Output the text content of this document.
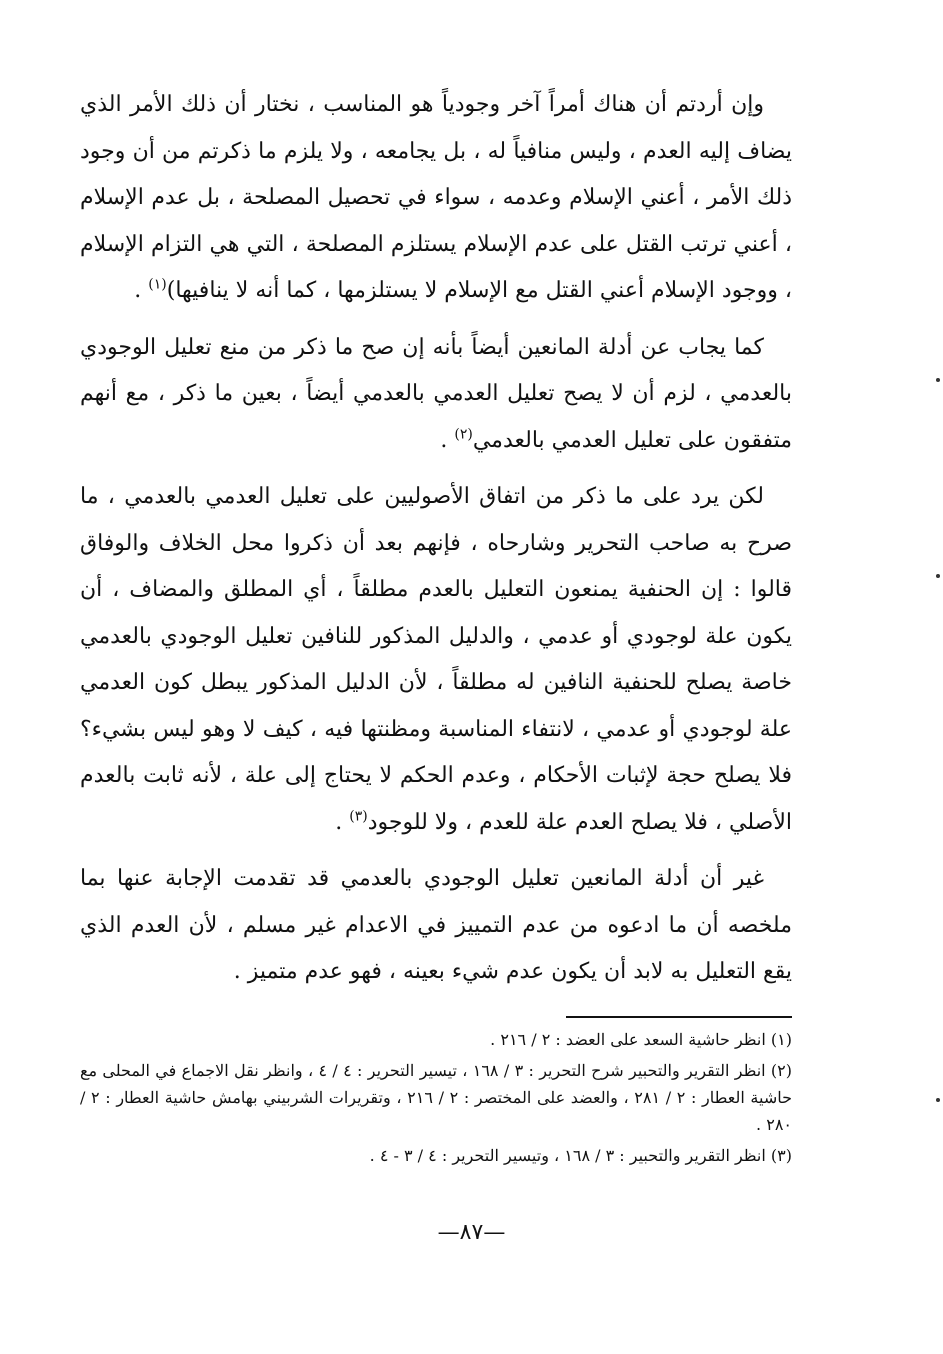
وإن أردتم أن هناك أمراً آخر وجودياً هو المناسب ، نختار أن ذلك الأمر الذي يضاف إليه العدم ، وليس منافياً له ، بل يجامعه ، ولا يلزم ما ذكرتم من أن وجود ذلك الأمر ، أعني الإسلام وعدمه ، سواء في تحصيل المصلحة ، بل عدم الإسلام ، أعني ترتب القتل على عدم الإسلام يستلزم المصلحة ، التي هي التزام الإسلام ، ووجود الإسلام أعني القتل مع الإسلام لا يستلزمها ، كما أنه لا ينافيها)$^{(١)}$ .

كما يجاب عن أدلة المانعين أيضاً بأنه إن صح ما ذكر من منع تعليل الوجودي بالعدمي ، لزم أن لا يصح تعليل العدمي بالعدمي أيضاً ، بعين ما ذكر ، مع أنهم متفقون على تعليل العدمي بالعدمي$^{(٢)}$ .

لكن يرد على ما ذكر من اتفاق الأصوليين على تعليل العدمي بالعدمي ، ما صرح به صاحب التحرير وشارحاه ، فإنهم بعد أن ذكروا محل الخلاف والوفاق قالوا : إن الحنفية يمنعون التعليل بالعدم مطلقاً ، أي المطلق والمضاف ، أن يكون علة لوجودي أو عدمي ، والدليل المذكور للنافين تعليل الوجودي بالعدمي خاصة يصلح للحنفية النافين له مطلقاً ، لأن الدليل المذكور يبطل كون العدمي علة لوجودي أو عدمي ، لانتفاء المناسبة ومظنتها فيه ، كيف لا وهو ليس بشيء؟ فلا يصلح حجة لإثبات الأحكام ، وعدم الحكم لا يحتاج إلى علة ، لأنه ثابت بالعدم الأصلي ، فلا يصلح العدم علة للعدم ، ولا للوجود$^{(٣)}$ .

غير أن أدلة المانعين تعليل الوجودي بالعدمي قد تقدمت الإجابة عنها بما ملخصه أن ما ادعوه من عدم التمييز في الاعدام غير مسلم ، لأن العدم الذي يقع التعليل به لابد أن يكون عدم شيء بعينه ، فهو عدم متميز .

(١) انظر حاشية السعد على العضد : ٢ / ٢١٦ .

(٢) انظر التقرير والتحبير شرح التحرير : ٣ / ١٦٨ ، تيسير التحرير : ٤ / ٤ ، وانظر نقل الاجماع في المحلى مع حاشية العطار : ٢ / ٢٨١ ، والعضد على المختصر : ٢ / ٢١٦ ، وتقريرات الشربيني بهامش حاشية العطار : ٢ / ٢٨٠ .

(٣) انظر التقرير والتحبير : ٣ / ١٦٨ ، وتيسير التحرير : ٤ / ٣ - ٤ .

—٨٧—
